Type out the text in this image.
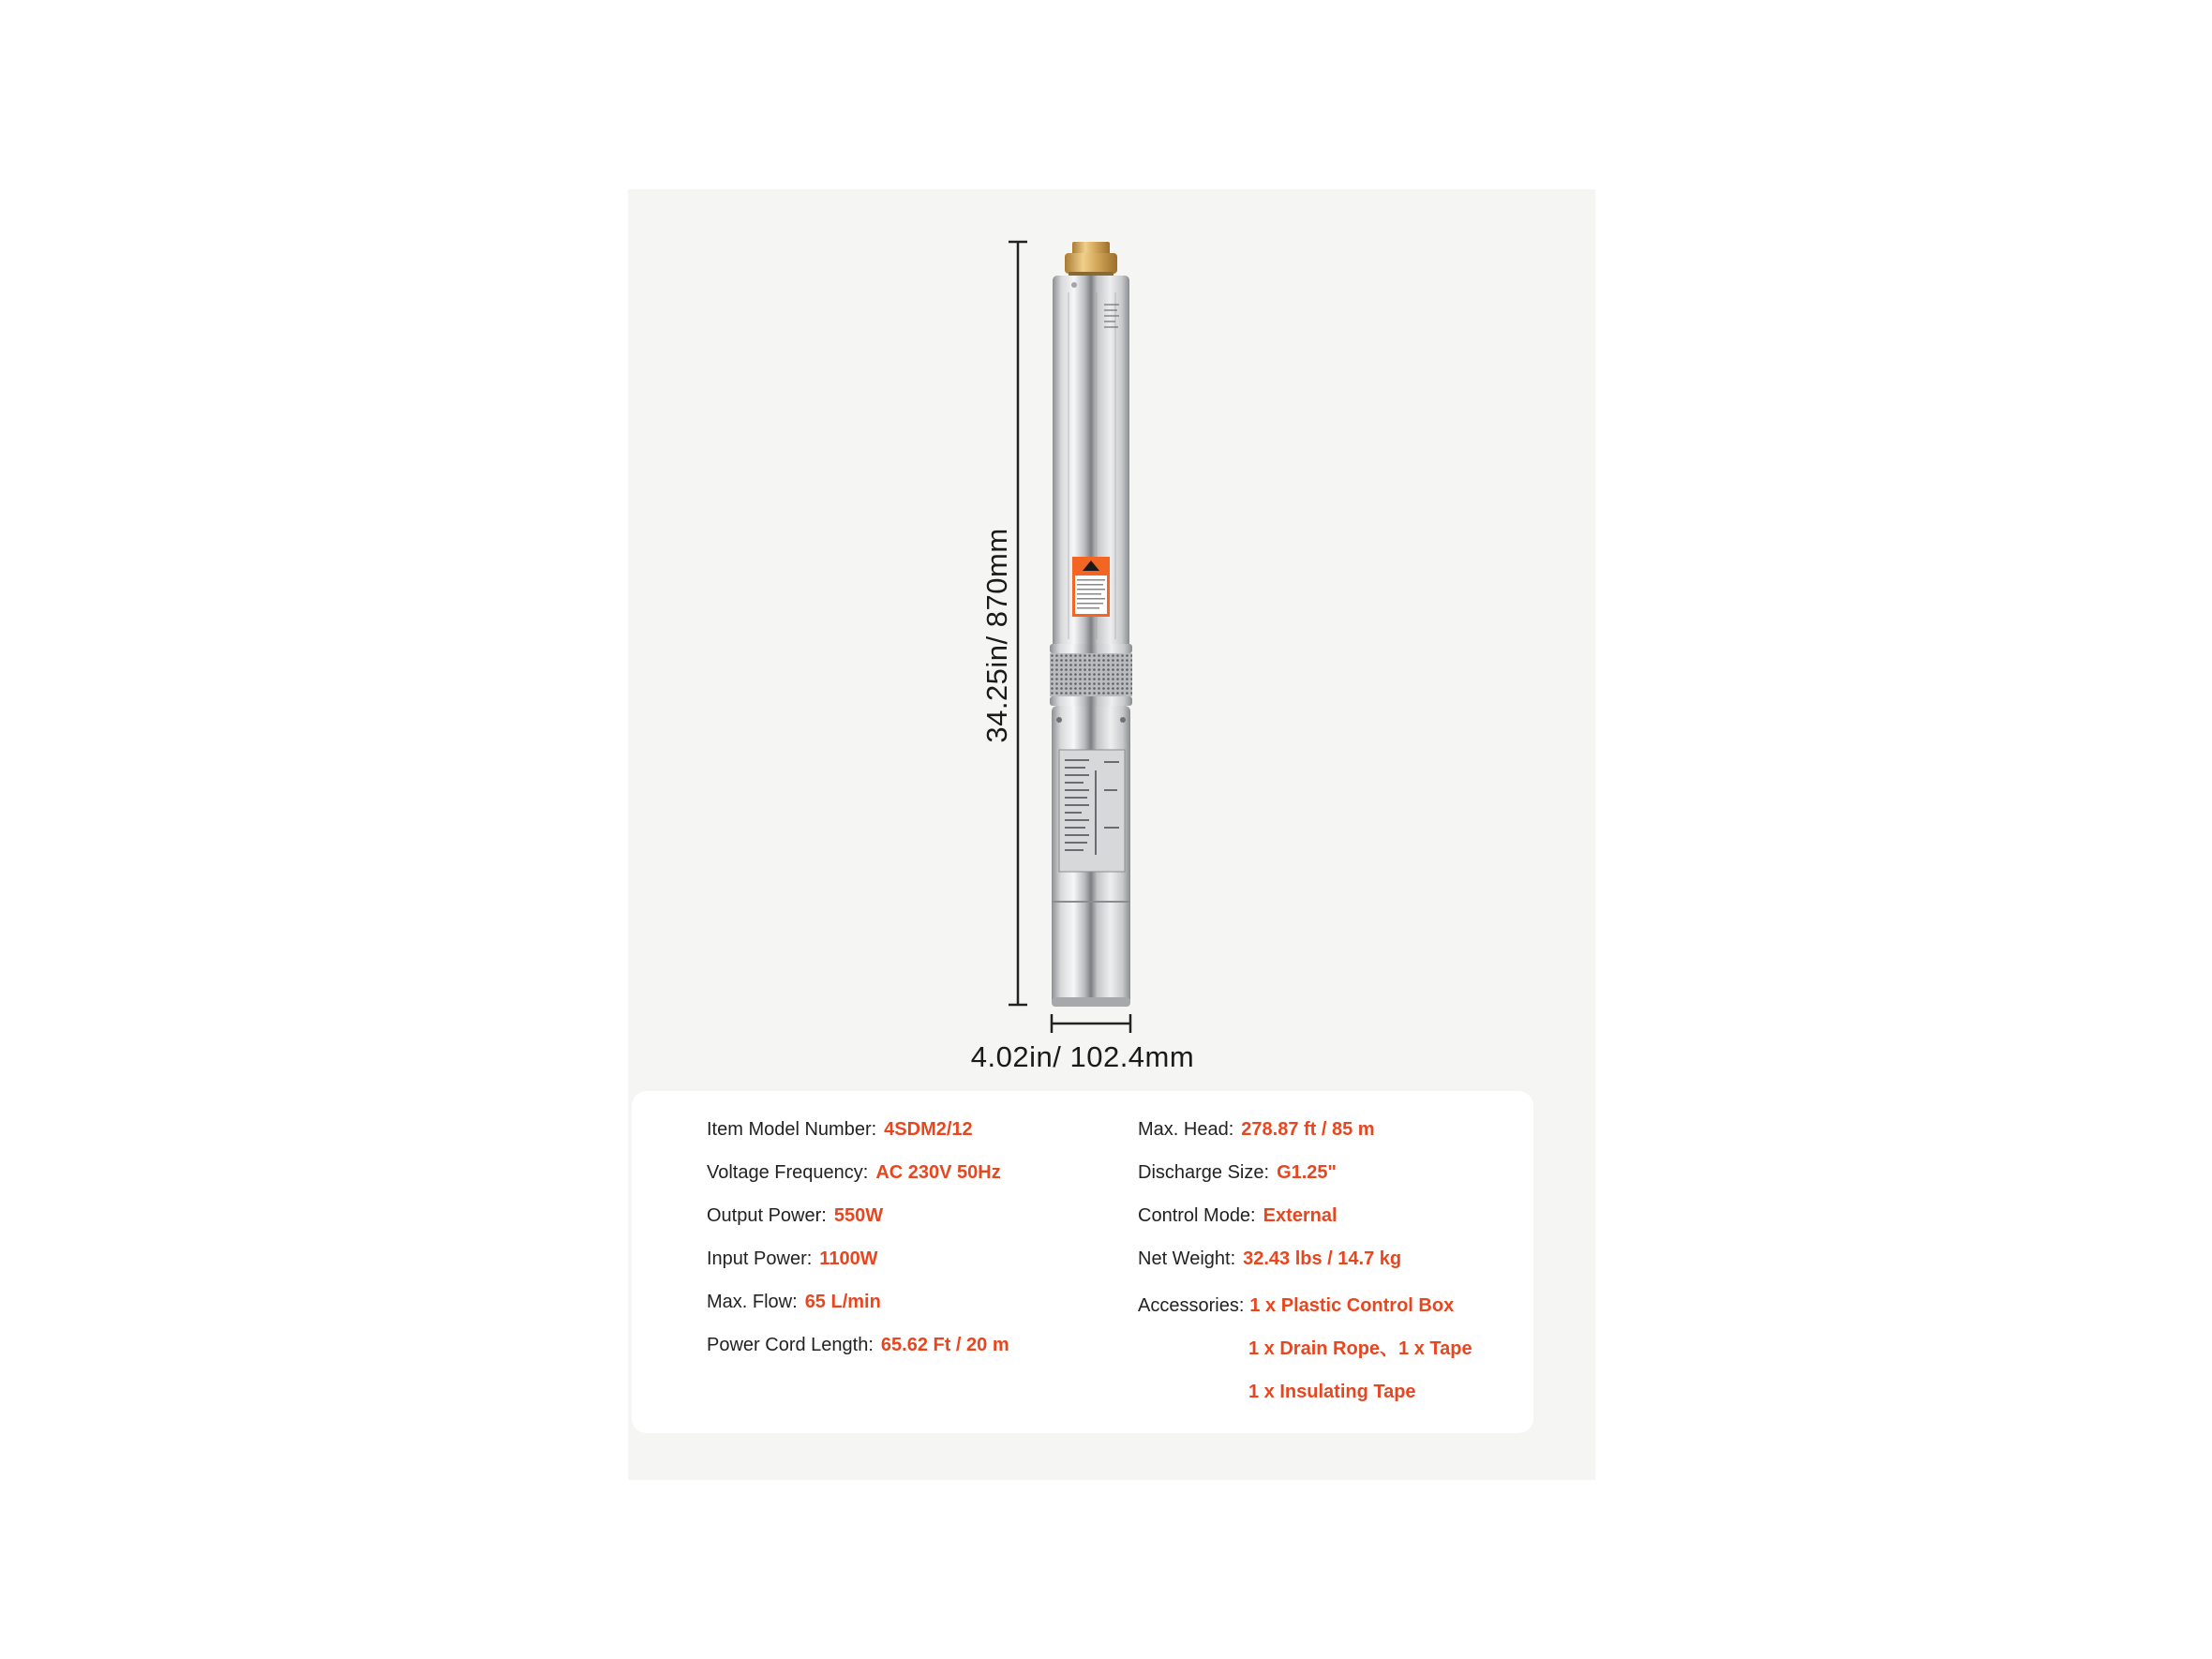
34.25in/ 870mm
4.02in/ 102.4mm
Item Model Number: 4SDM2/12
Voltage Frequency: AC 230V 50Hz
Output Power: 550W
Input Power: 1100W
Max. Flow: 65 L/min
Power Cord Length: 65.62 Ft / 20 m
Max. Head: 278.87 ft / 85 m
Discharge Size: G1.25"
Control Mode: External
Net Weight: 32.43 lbs / 14.7 kg
Accessories: 1 x Plastic Control Box
1 x Drain Rope、1 x Tape
1 x Insulating Tape
